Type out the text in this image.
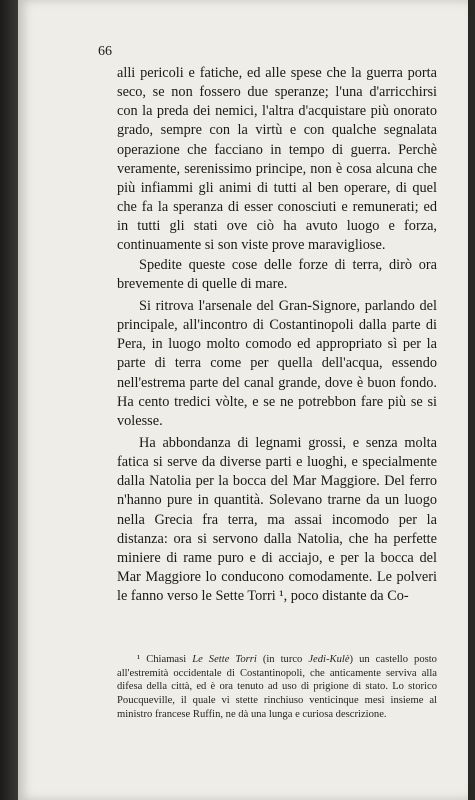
66

alli pericoli e fatiche, ed alle spese che la guerra porta seco, se non fossero due speranze; l'una d'arricchirsi con la preda dei nemici, l'altra d'acquistare più onorato grado, sempre con la virtù e con qualche segnalata operazione che facciano in tempo di guerra. Perchè veramente, serenissimo principe, non è cosa alcuna che più infiammi gli animi di tutti al ben operare, di quel che fa la speranza di esser conosciuti e remunerati; ed in tutti gli stati ove ciò ha avuto luogo e forza, continuamente si son viste prove maravigliose.

Spedite queste cose delle forze di terra, dirò ora brevemente di quelle di mare.

Si ritrova l'arsenale del Gran-Signore, parlando del principale, all'incontro di Costantinopoli dalla parte di Pera, in luogo molto comodo ed appropriato sì per la parte di terra come per quella dell'acqua, essendo nell'estrema parte del canal grande, dove è buon fondo. Ha cento tredici vòlte, e se ne potrebbon fare più se si volesse.

Ha abbondanza di legnami grossi, e senza molta fatica si serve da diverse parti e luoghi, e specialmente dalla Natolia per la bocca del Mar Maggiore. Del ferro n'hanno pure in quantità. Solevano trarne da un luogo nella Grecia fra terra, ma assai incomodo per la distanza: ora si servono dalla Natolia, che ha perfette miniere di rame puro e di acciajo, e per la bocca del Mar Maggiore lo conducono comodamente. Le polveri le fanno verso le Sette Torri ¹, poco distante da Co-

¹ Chiamasi Le Sette Torri (in turco Jedi-Kulè) un castello posto all'estremità occidentale di Costantinopoli, che anticamente serviva alla difesa della città, ed è ora tenuto ad uso di prigione di stato. Lo storico Poucqueville, il quale vi stette rinchiuso venticinque mesi insieme al ministro francese Ruffin, ne dà una lunga e curiosa descrizione.
